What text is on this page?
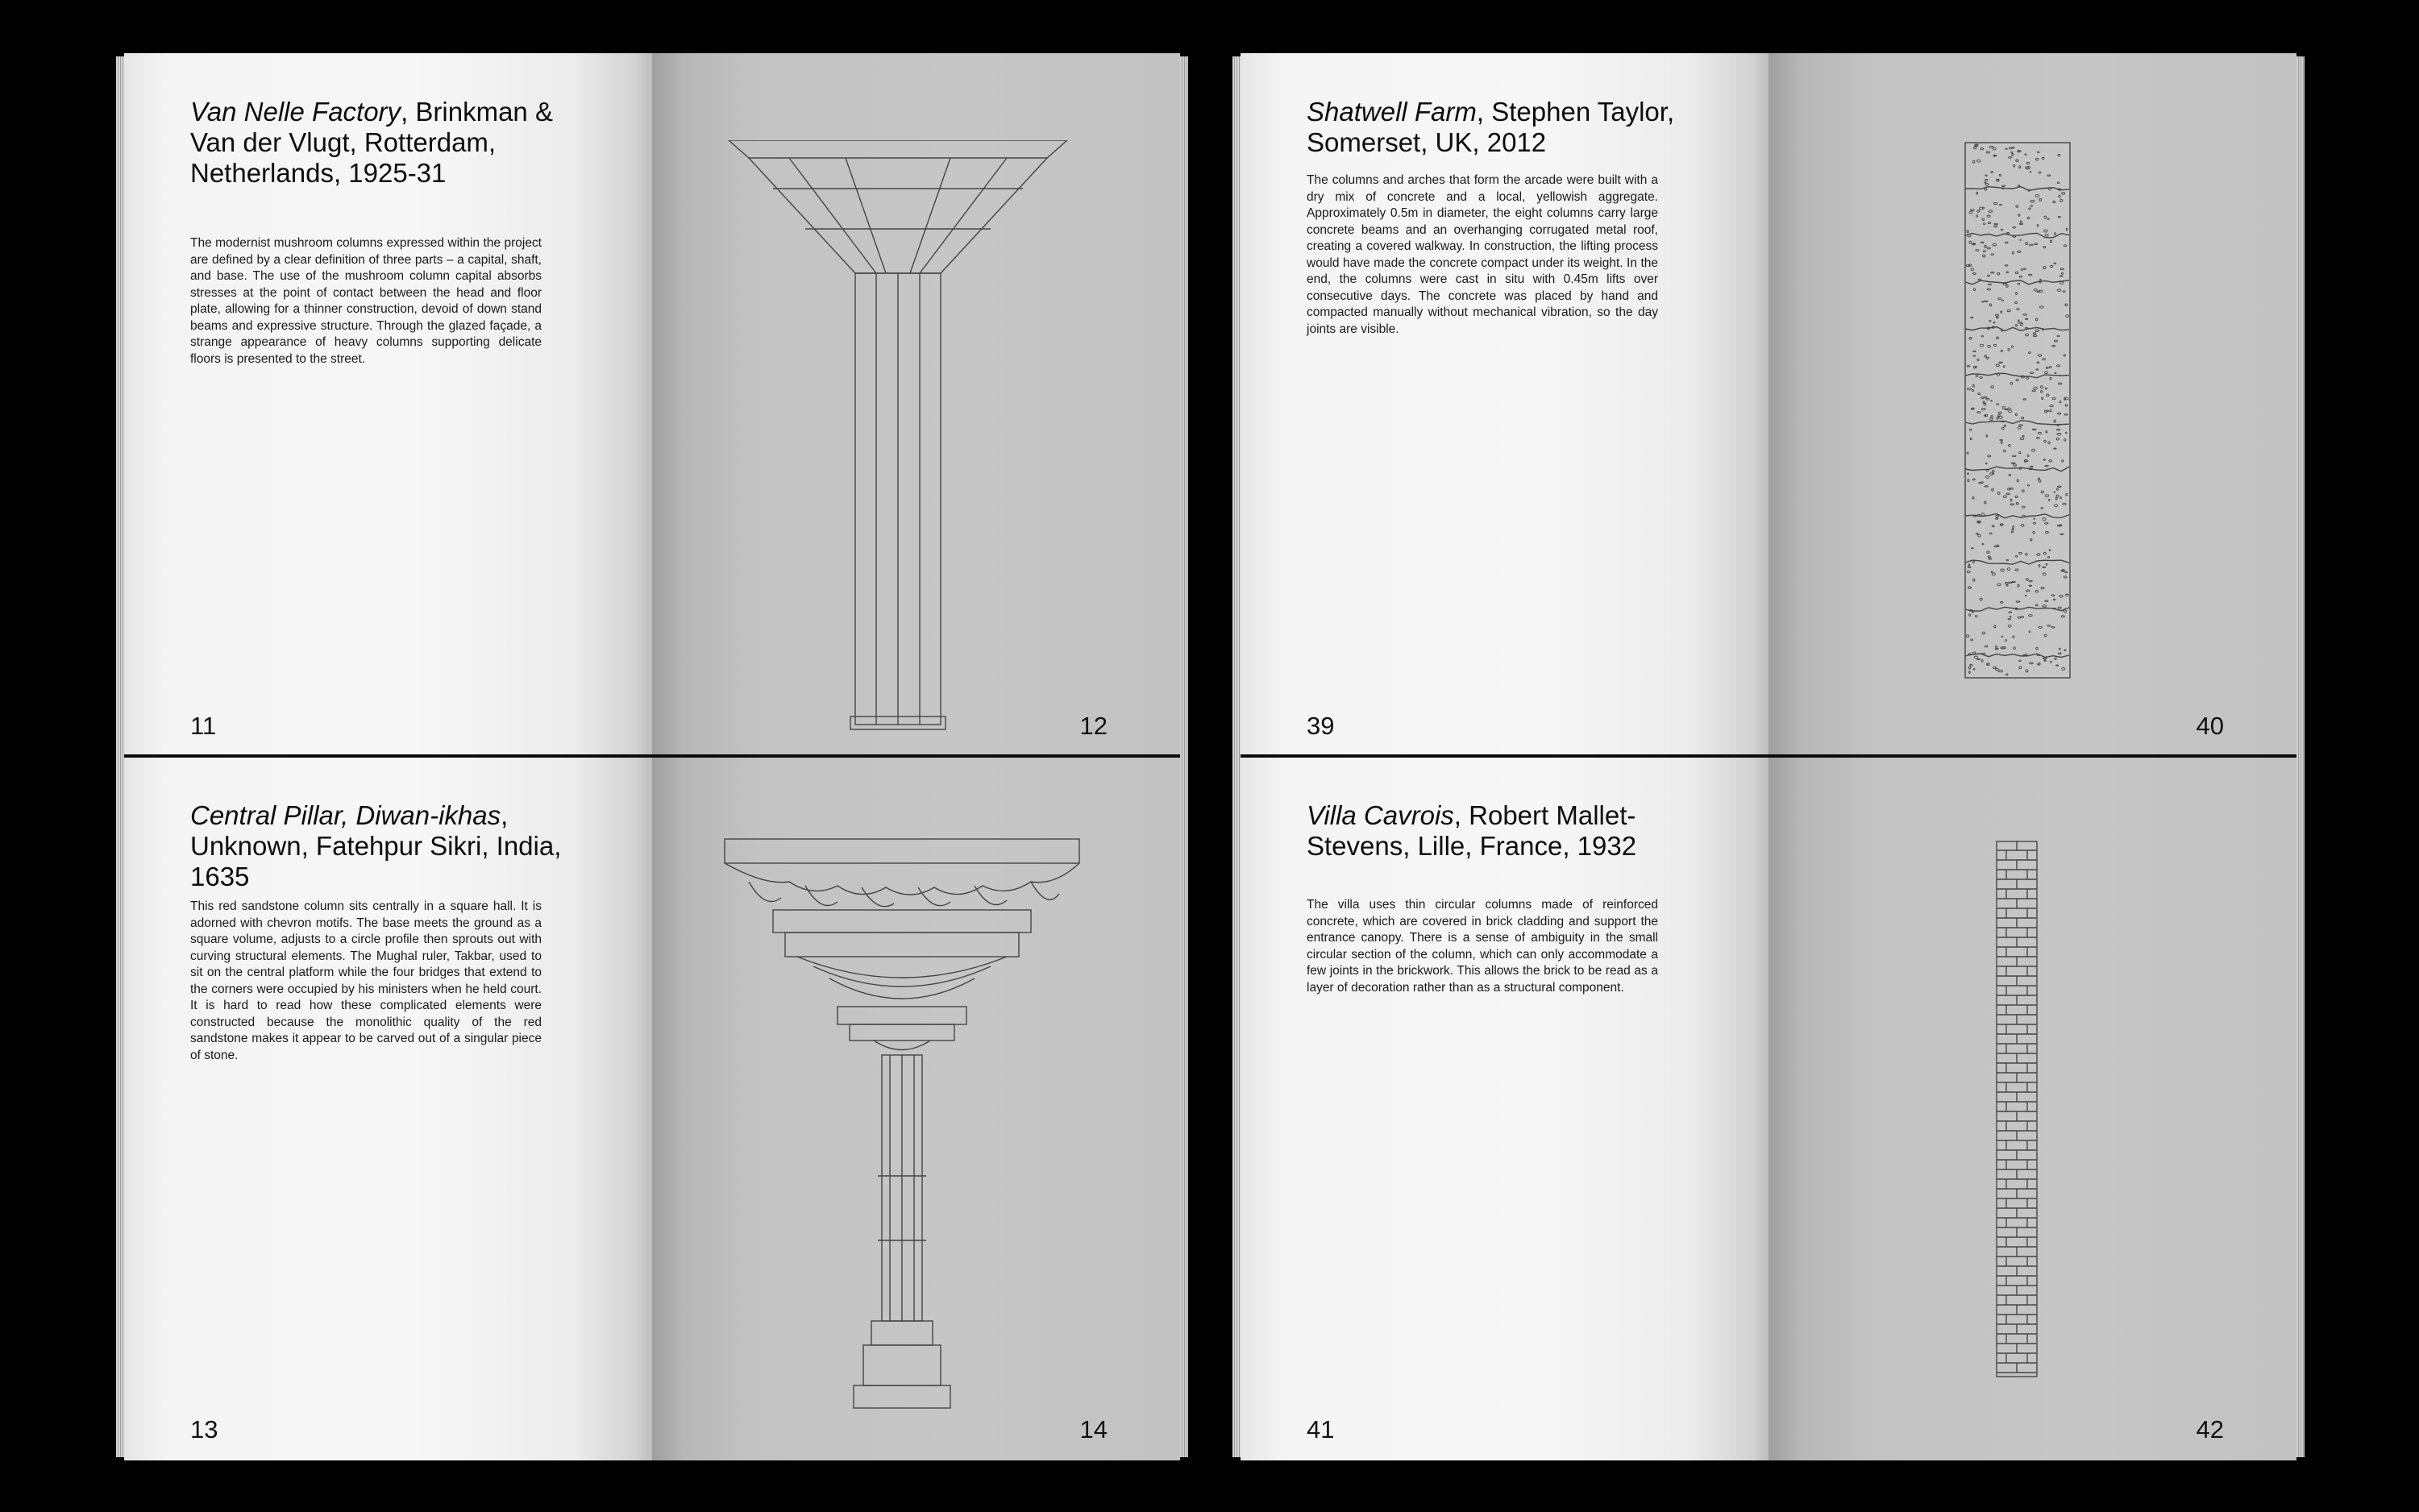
Van Nelle Factory, Brinkman & Van der Vlugt, Rotterdam, Netherlands, 1925-31
The modernist mushroom columns expressed within the project are defined by a clear definition of three parts – a capital, shaft, and base. The use of the mushroom column capital absorbs stresses at the point of contact between the head and floor plate, allowing for a thinner construction, devoid of down stand beams and expressive structure. Through the glazed façade, a strange appearance of heavy columns supporting delicate floors is presented to the street.
11	12
Central Pillar, Diwan-ikhas, Unknown, Fatehpur Sikri, India, 1635
This red sandstone column sits centrally in a square hall. It is adorned with chevron motifs. The base meets the ground as a square volume, adjusts to a circle profile then sprouts out with curving structural elements. The Mughal ruler, Takbar, used to sit on the central platform while the four bridges that extend to the corners were occupied by his ministers when he held court. It is hard to read how these complicated elements were constructed because the monolithic quality of the red sandstone makes it appear to be carved out of a singular piece of stone.
13	14
Shatwell Farm, Stephen Taylor, Somerset, UK, 2012
The columns and arches that form the arcade were built with a dry mix of concrete and a local, yellowish aggregate. Approximately 0.5m in diameter, the eight columns carry large concrete beams and an overhanging corrugated metal roof, creating a covered walkway. In construction, the lifting process would have made the concrete compact under its weight. In the end, the columns were cast in situ with 0.45m lifts over consecutive days. The concrete was placed by hand and compacted manually without mechanical vibration, so the day joints are visible.
39	40
Villa Cavrois, Robert Mallet-Stevens, Lille, France, 1932
The villa uses thin circular columns made of reinforced concrete, which are covered in brick cladding and support the entrance canopy. There is a sense of ambiguity in the small circular section of the column, which can only accommodate a few joints in the brickwork. This allows the brick to be read as a layer of decoration rather than as a structural component.
41	42
